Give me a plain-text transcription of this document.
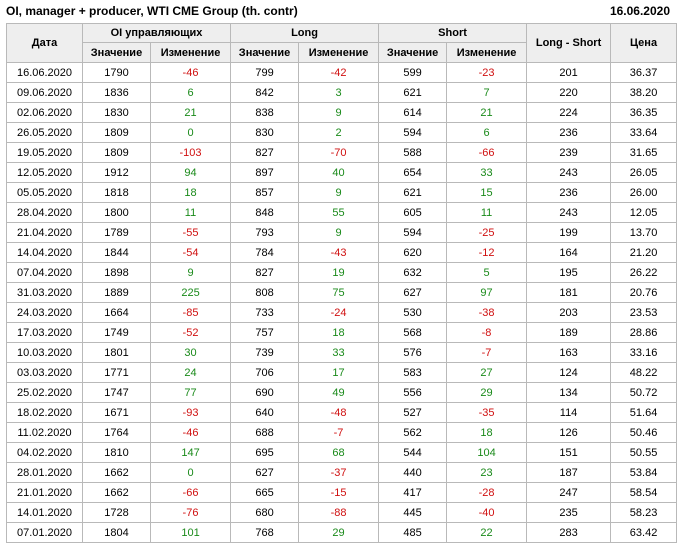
OI, manager + producer, WTI CME Group (th. contr)	16.06.2020
Дата	OI управляющих		Long		Short		Long - Short	Цена
	Значение	Изменение	Значение	Изменение	Значение	Изменение		
16.06.2020	1790	-46	799	-42	599	-23	201	36.37
09.06.2020	1836	6	842	3	621	7	220	38.20
02.06.2020	1830	21	838	9	614	21	224	36.35
26.05.2020	1809	0	830	2	594	6	236	33.64
19.05.2020	1809	-103	827	-70	588	-66	239	31.65
12.05.2020	1912	94	897	40	654	33	243	26.05
05.05.2020	1818	18	857	9	621	15	236	26.00
28.04.2020	1800	11	848	55	605	11	243	12.05
21.04.2020	1789	-55	793	9	594	-25	199	13.70
14.04.2020	1844	-54	784	-43	620	-12	164	21.20
07.04.2020	1898	9	827	19	632	5	195	26.22
31.03.2020	1889	225	808	75	627	97	181	20.76
24.03.2020	1664	-85	733	-24	530	-38	203	23.53
17.03.2020	1749	-52	757	18	568	-8	189	28.86
10.03.2020	1801	30	739	33	576	-7	163	33.16
03.03.2020	1771	24	706	17	583	27	124	48.22
25.02.2020	1747	77	690	49	556	29	134	50.72
18.02.2020	1671	-93	640	-48	527	-35	114	51.64
11.02.2020	1764	-46	688	-7	562	18	126	50.46
04.02.2020	1810	147	695	68	544	104	151	50.55
28.01.2020	1662	0	627	-37	440	23	187	53.84
21.01.2020	1662	-66	665	-15	417	-28	247	58.54
14.01.2020	1728	-76	680	-88	445	-40	235	58.23
07.01.2020	1804	101	768	29	485	22	283	63.42
